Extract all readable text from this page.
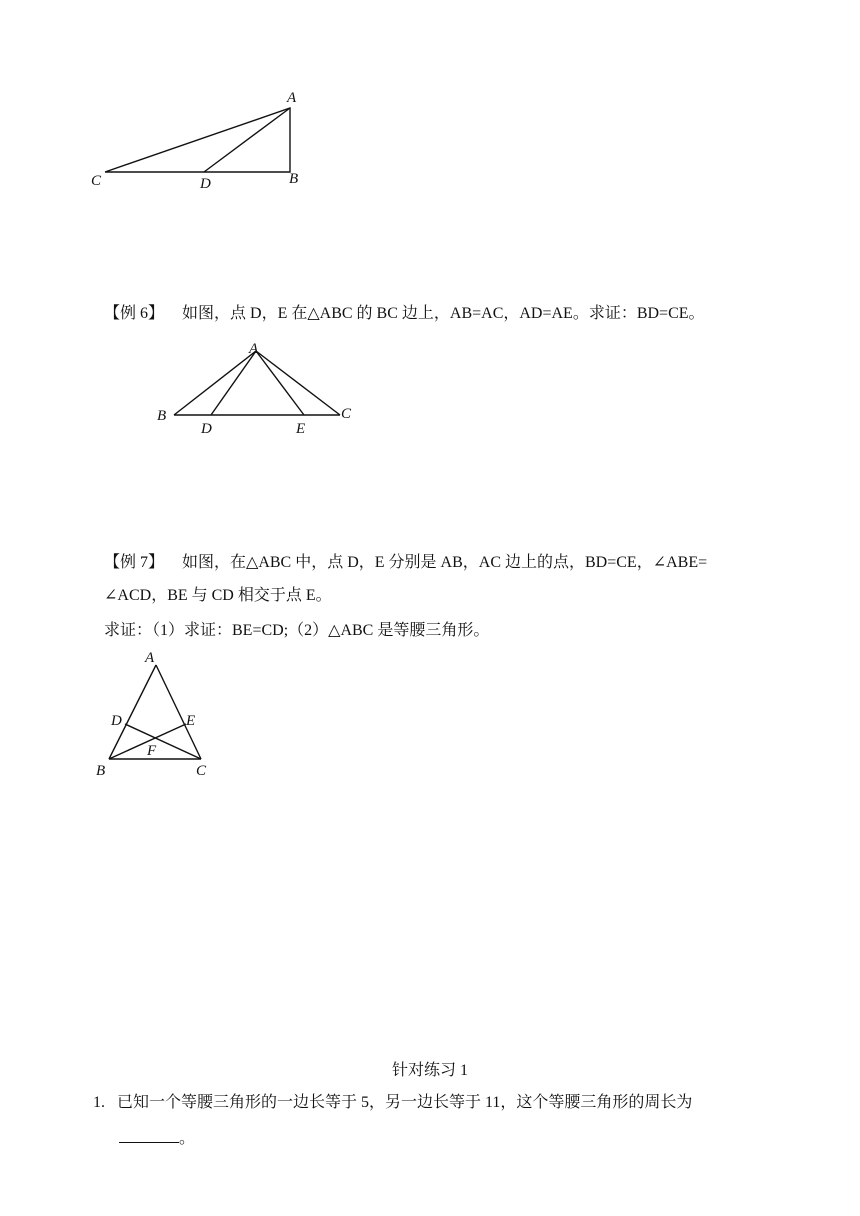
A
C	D	B
【例 6】 如图，点 D，E 在△ABC 的 BC 边上，AB=AC，AD=AE。求证：BD=CE。
A
B
D	E
C
【例 7】 如图，在△ABC 中，点 D，E 分别是 AB，AC 边上的点，BD=CE，∠ABE=
∠ACD，BE 与 CD 相交于点 E。
求证：（1）求证：BE=CD;（2）△ABC 是等腰三角形。
A
D	E
F
B	C
针对练习 1
1. 已知一个等腰三角形的一边长等于 5，另一边长等于 11，这个等腰三角形的周长为
。
